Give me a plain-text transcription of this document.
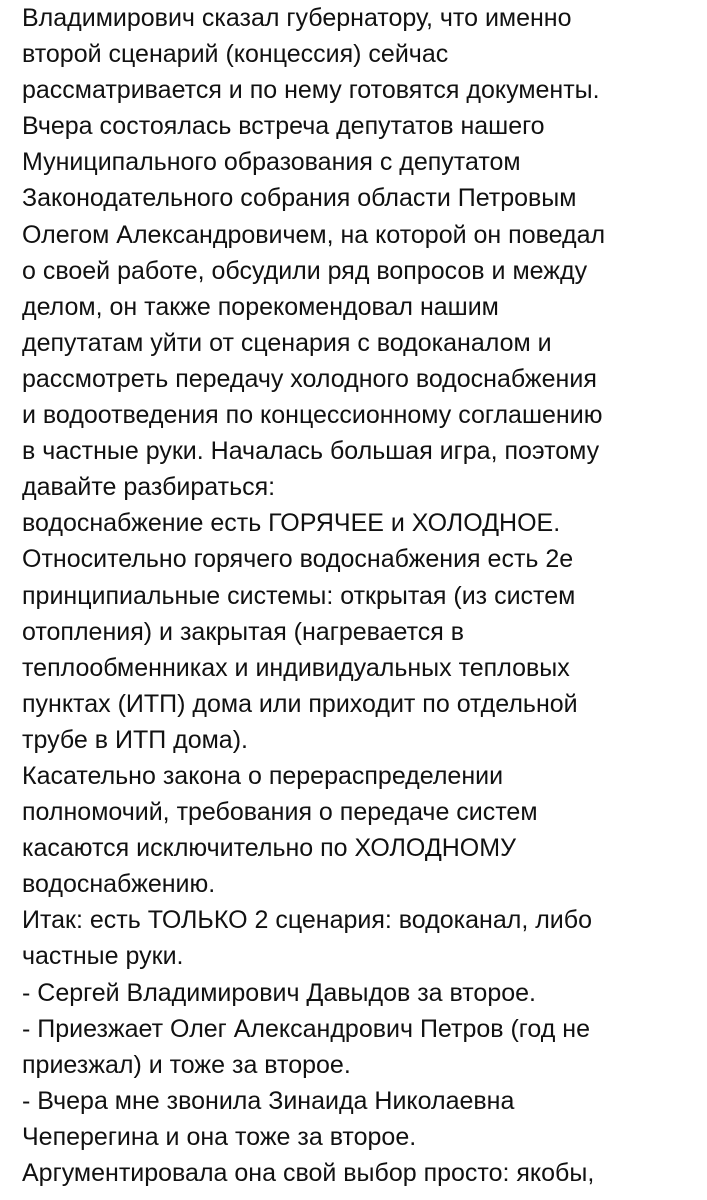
Владимирович сказал губернатору, что именно
второй сценарий (концессия) сейчас
рассматривается и по нему готовятся документы.
Вчера состоялась встреча депутатов нашего
Муниципального образования с депутатом
Законодательного собрания области Петровым
Олегом Александровичем, на которой он поведал
о своей работе, обсудили ряд вопросов и между
делом, он также порекомендовал нашим
депутатам уйти от сценария с водоканалом и
рассмотреть передачу холодного водоснабжения
и водоотведения по концессионному соглашению
в частные руки. Началась большая игра, поэтому
давайте разбираться:
водоснабжение есть ГОРЯЧЕЕ и ХОЛОДНОЕ.
Относительно горячего водоснабжения есть 2е
принципиальные системы: открытая (из систем
отопления) и закрытая (нагревается в
теплообменниках и индивидуальных тепловых
пунктах (ИТП) дома или приходит по отдельной
трубе в ИТП дома).
Касательно закона о перераспределении
полномочий, требования о передаче систем
касаются исключительно по ХОЛОДНОМУ
водоснабжению.
Итак: есть ТОЛЬКО 2 сценария: водоканал, либо
частные руки.
- Сергей Владимирович Давыдов за второе.
- Приезжает Олег Александрович Петров (год не
приезжал) и тоже за второе.
- Вчера мне звонила Зинаида Николаевна
Чеперегина и она тоже за второе.
Аргументировала она свой выбор просто: якобы,
